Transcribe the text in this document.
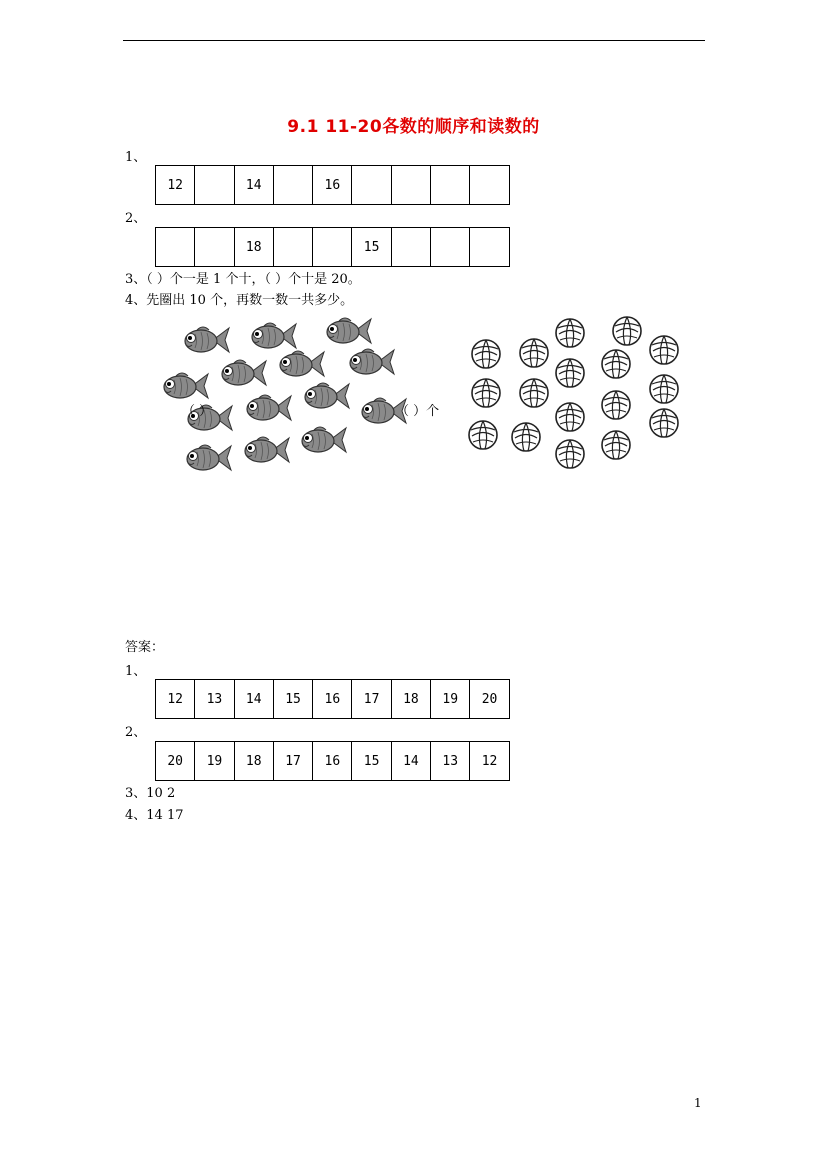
9.1 11-20各数的顺序和读数的
1、
12		14		16				
2、
		18			15			
3、（ ）个一是 1 个十，（ ）个十是 20。
4、先圈出 10 个，再数一数一共多少。
（ ）	（ ）个
答案：
1、
12	13	14	15	16	17	18	19	20
2、
20	19	18	17	16	15	14	13	12
3、10 2
4、14 17
1
